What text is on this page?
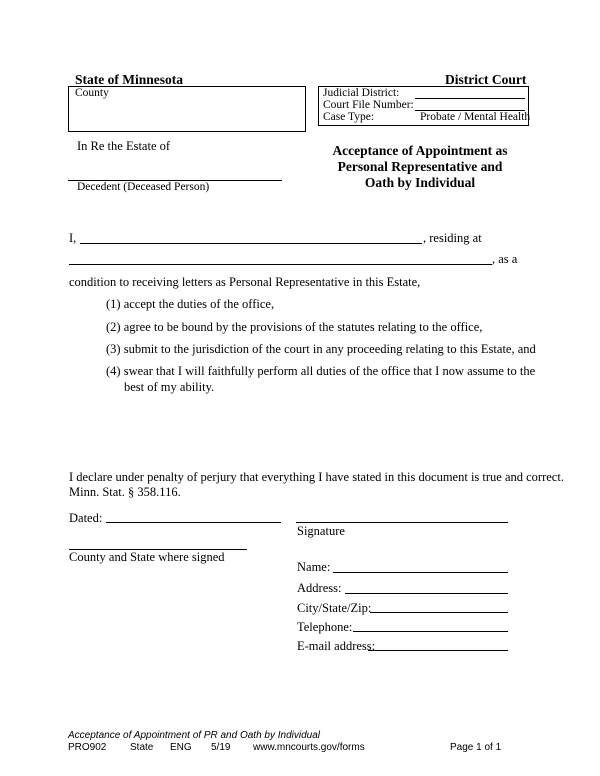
State of Minnesota	District Court
County	Judicial District:
Court File Number:
Case Type:	Probate / Mental Health
In Re the Estate of
Decedent (Deceased Person)
Acceptance of Appointment as
Personal Representative and
Oath by Individual
I,	, residing at
, as a
condition to receiving letters as Personal Representative in this Estate,
(1) accept the duties of the office,
(2) agree to be bound by the provisions of the statutes relating to the office,
(3) submit to the jurisdiction of the court in any proceeding relating to this Estate, and
(4) swear that I will faithfully perform all duties of the office that I now assume to the
best of my ability.
I declare under penalty of perjury that everything I have stated in this document is true and correct.
Minn. Stat. § 358.116.
Dated:
Signature
County and State where signed
Name:
Address:
City/State/Zip:
Telephone:
E-mail address:
Acceptance of Appointment of PR and Oath by Individual
PRO902 State ENG 5/19 www.mncourts.gov/forms	Page 1 of 1
